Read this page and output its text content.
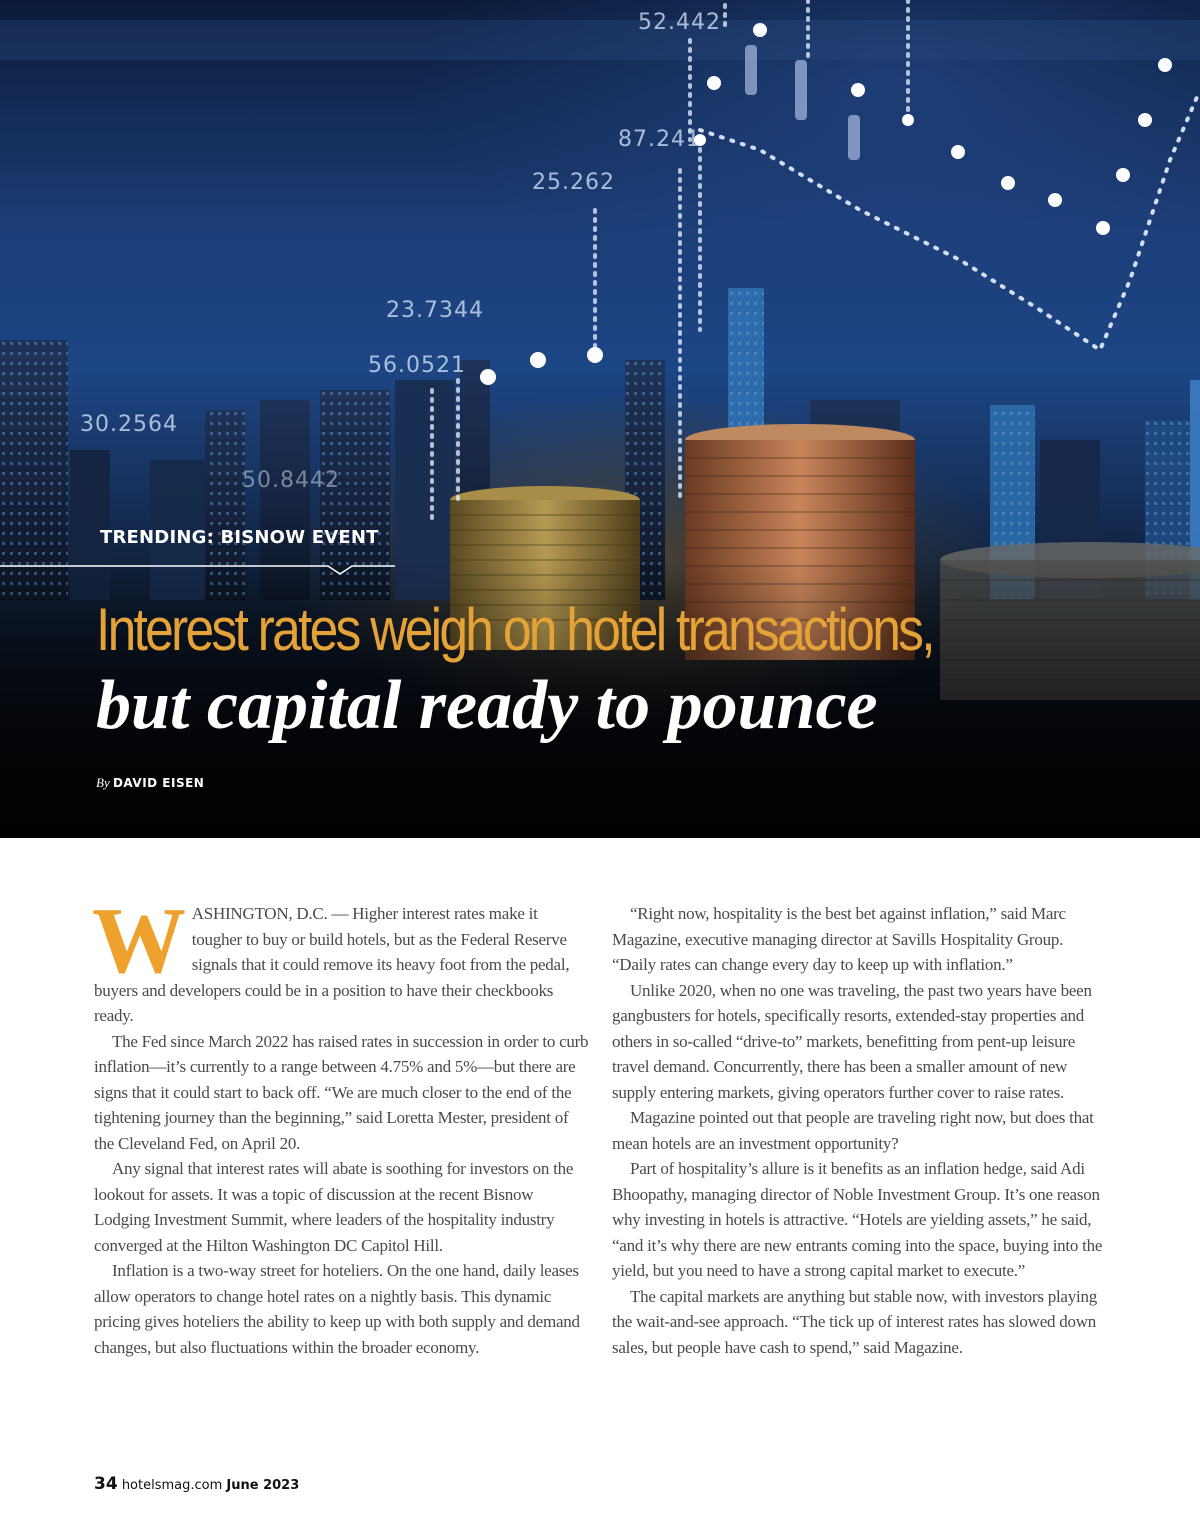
52.442
87.241
25.262
23.7344
56.0521
30.2564
50.8442
TRENDING: BISNOW EVENT
Interest rates weigh on hotel transactions,
but capital ready to pounce
By DAVID EISEN

WASHINGTON, D.C. — Higher interest rates make it tougher to buy or build hotels, but as the Federal Reserve signals that it could remove its heavy foot from the pedal, buyers and developers could be in a position to have their checkbooks ready.

The Fed since March 2022 has raised rates in succession in order to curb inflation—it’s currently to a range between 4.75% and 5%—but there are signs that it could start to back off. “We are much closer to the end of the tightening journey than the beginning,” said Loretta Mester, president of the Cleveland Fed, on April 20.

Any signal that interest rates will abate is soothing for investors on the lookout for assets. It was a topic of discussion at the recent Bisnow Lodging Investment Summit, where leaders of the hospitality industry converged at the Hilton Washington DC Capitol Hill.

Inflation is a two-way street for hoteliers. On the one hand, daily leases allow operators to change hotel rates on a nightly basis. This dynamic pricing gives hoteliers the ability to keep up with both supply and demand changes, but also fluctuations within the broader economy.

“Right now, hospitality is the best bet against inflation,” said Marc Magazine, executive managing director at Savills Hospitality Group. “Daily rates can change every day to keep up with inflation.”

Unlike 2020, when no one was traveling, the past two years have been gangbusters for hotels, specifically resorts, extended-stay properties and others in so-called “drive-to” markets, benefitting from pent-up leisure travel demand. Concurrently, there has been a smaller amount of new supply entering markets, giving operators further cover to raise rates.

Magazine pointed out that people are traveling right now, but does that mean hotels are an investment opportunity?

Part of hospitality’s allure is it benefits as an inflation hedge, said Adi Bhoopathy, managing director of Noble Investment Group. It’s one reason why investing in hotels is attractive. “Hotels are yielding assets,” he said, “and it’s why there are new entrants coming into the space, buying into the yield, but you need to have a strong capital market to execute.”

The capital markets are anything but stable now, with investors playing the wait-and-see approach. “The tick up of interest rates has slowed down sales, but people have cash to spend,” said Magazine.

34 hotelsmag.com June 2023
